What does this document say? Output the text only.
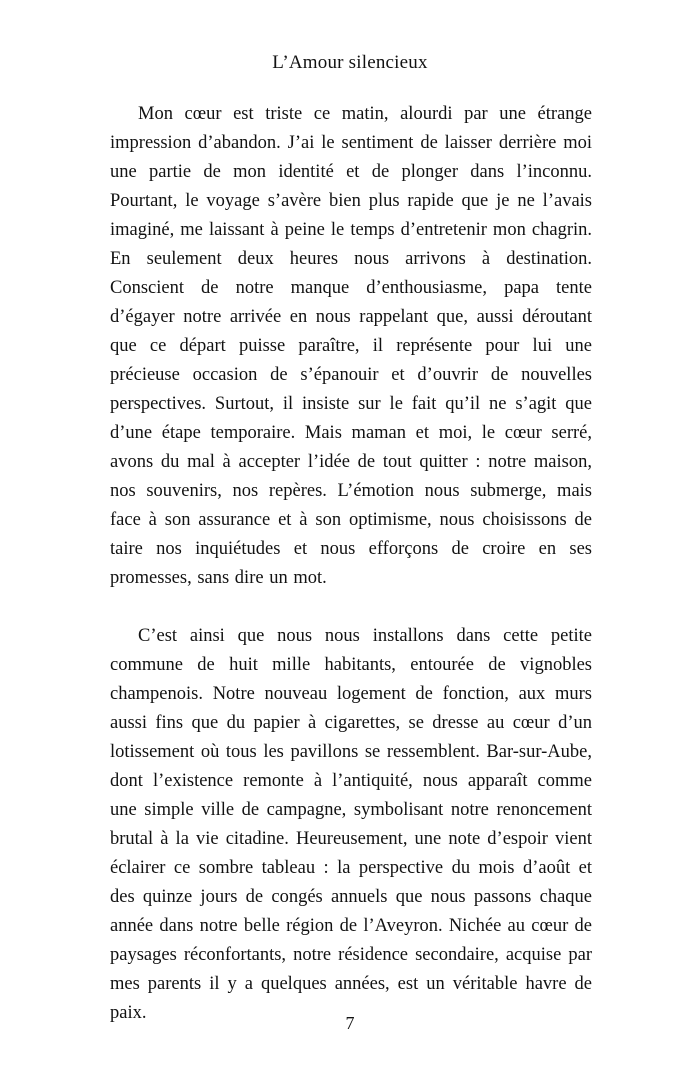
L’Amour silencieux

Mon cœur est triste ce matin, alourdi par une étrange impression d’abandon. J’ai le sentiment de laisser derrière moi une partie de mon identité et de plonger dans l’inconnu. Pourtant, le voyage s’avère bien plus rapide que je ne l’avais imaginé, me laissant à peine le temps d’entretenir mon chagrin. En seulement deux heures nous arrivons à destination. Conscient de notre manque d’enthousiasme, papa tente d’égayer notre arrivée en nous rappelant que, aussi déroutant que ce départ puisse paraître, il représente pour lui une précieuse occasion de s’épanouir et d’ouvrir de nouvelles perspectives. Surtout, il insiste sur le fait qu’il ne s’agit que d’une étape temporaire. Mais maman et moi, le cœur serré, avons du mal à accepter l’idée de tout quitter : notre maison, nos souvenirs, nos repères. L’émotion nous submerge, mais face à son assurance et à son optimisme, nous choisissons de taire nos inquiétudes et nous efforçons de croire en ses promesses, sans dire un mot.

C’est ainsi que nous nous installons dans cette petite commune de huit mille habitants, entourée de vignobles champenois. Notre nouveau logement de fonction, aux murs aussi fins que du papier à cigarettes, se dresse au cœur d’un lotissement où tous les pavillons se ressemblent. Bar-sur-Aube, dont l’existence remonte à l’antiquité, nous apparaît comme une simple ville de campagne, symbolisant notre renoncement brutal à la vie citadine. Heureusement, une note d’espoir vient éclairer ce sombre tableau : la perspective du mois d’août et des quinze jours de congés annuels que nous passons chaque année dans notre belle région de l’Aveyron. Nichée au cœur de paysages réconfortants, notre résidence secondaire, acquise par mes parents il y a quelques années, est un véritable havre de paix.	7
